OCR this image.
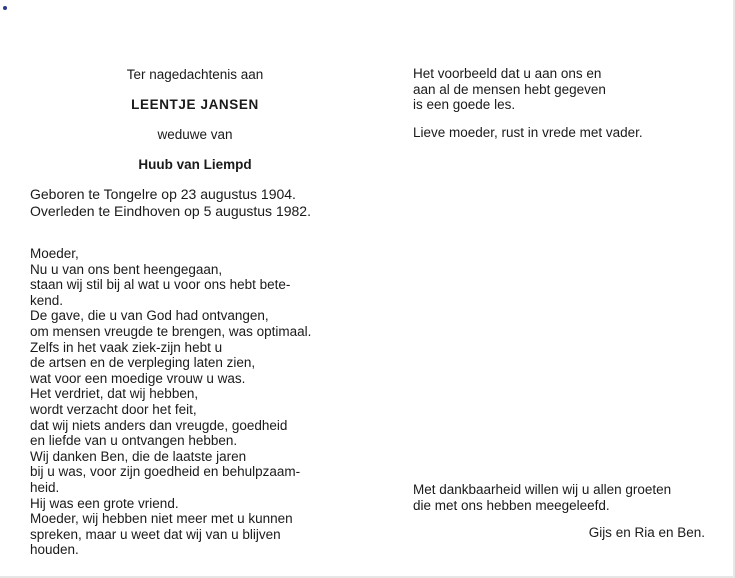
Ter nagedachtenis aan
LEENTJE JANSEN
weduwe van
Huub van Liempd
Geboren te Tongelre op 23 augustus 1904.
Overleden te Eindhoven op 5 augustus 1982.
Moeder,
Nu u van ons bent heengegaan,
staan wij stil bij al wat u voor ons hebt bete-
kend.
De gave, die u van God had ontvangen,
om mensen vreugde te brengen, was optimaal.
Zelfs in het vaak ziek-zijn hebt u
de artsen en de verpleging laten zien,
wat voor een moedige vrouw u was.
Het verdriet, dat wij hebben,
wordt verzacht door het feit,
dat wij niets anders dan vreugde, goedheid
en liefde van u ontvangen hebben.
Wij danken Ben, die de laatste jaren
bij u was, voor zijn goedheid en behulpzaam-
heid.
Hij was een grote vriend.
Moeder, wij hebben niet meer met u kunnen
spreken, maar u weet dat wij van u blijven
houden.
Het voorbeeld dat u aan ons en
aan al de mensen hebt gegeven
is een goede les.
Lieve moeder, rust in vrede met vader.
Met dankbaarheid willen wij u allen groeten
die met ons hebben meegeleefd.
Gijs en Ria en Ben.
